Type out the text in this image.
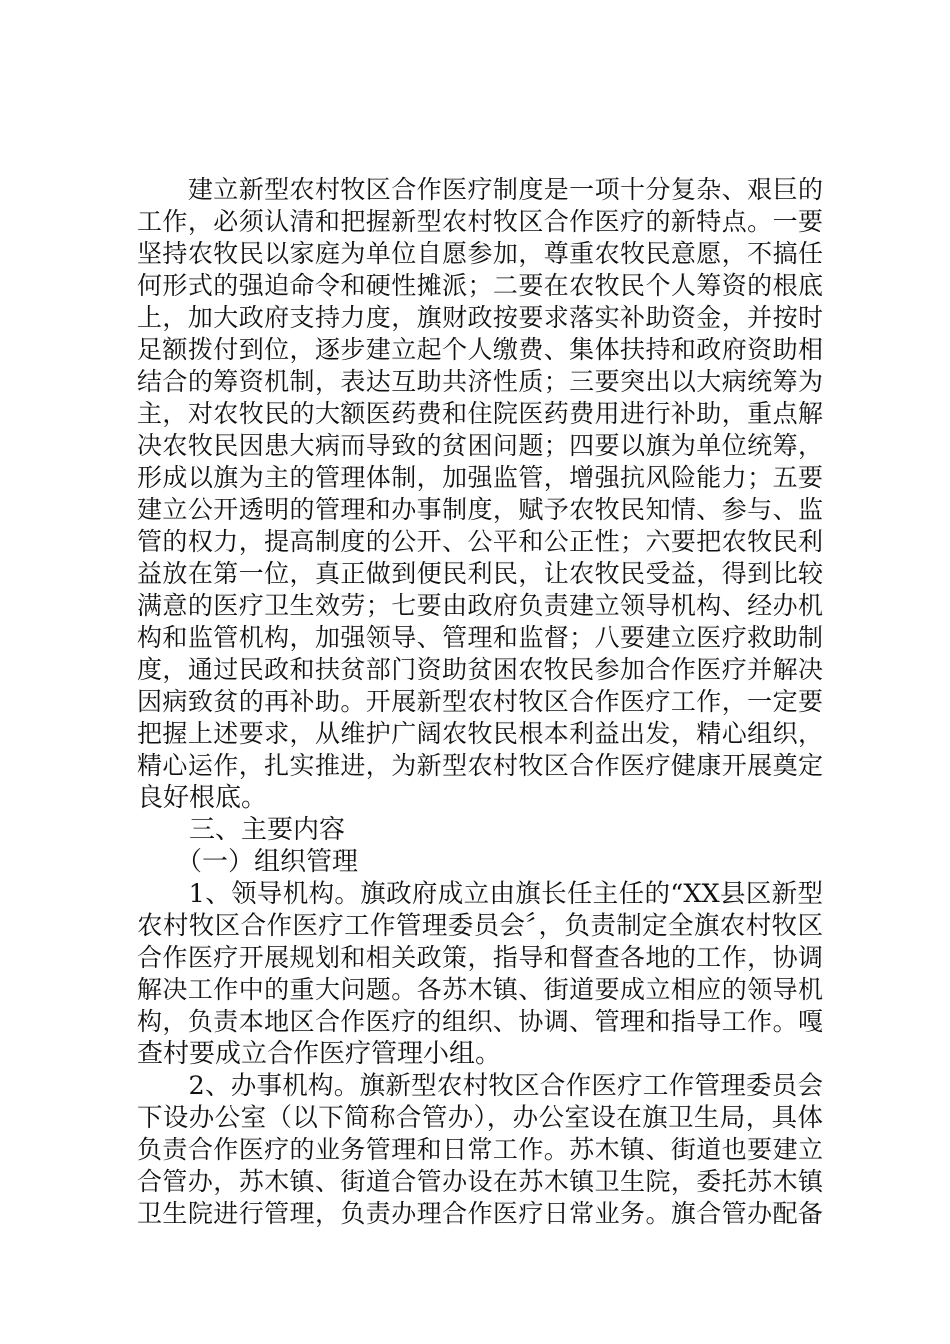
　　建立新型农村牧区合作医疗制度是一项十分复杂、艰巨的
工作，必须认清和把握新型农村牧区合作医疗的新特点。一要
坚持农牧民以家庭为单位自愿参加，尊重农牧民意愿，不搞任
何形式的强迫命令和硬性摊派；二要在农牧民个人筹资的根底
上，加大政府支持力度，旗财政按要求落实补助资金，并按时
足额拨付到位，逐步建立起个人缴费、集体扶持和政府资助相
结合的筹资机制，表达互助共济性质；三要突出以大病统筹为
主，对农牧民的大额医药费和住院医药费用进行补助，重点解
决农牧民因患大病而导致的贫困问题；四要以旗为单位统筹，
形成以旗为主的管理体制，加强监管，增强抗风险能力；五要
建立公开透明的管理和办事制度，赋予农牧民知情、参与、监
管的权力，提高制度的公开、公平和公正性；六要把农牧民利
益放在第一位，真正做到便民利民，让农牧民受益，得到比较
满意的医疗卫生效劳；七要由政府负责建立领导机构、经办机
构和监管机构，加强领导、管理和监督；八要建立医疗救助制
度，通过民政和扶贫部门资助贫困农牧民参加合作医疗并解决
因病致贫的再补助。开展新型农村牧区合作医疗工作，一定要
把握上述要求，从维护广阔农牧民根本利益出发，精心组织，
精心运作，扎实推进，为新型农村牧区合作医疗健康开展奠定
良好根底。
　　三、主要内容
　　（一）组织管理
　　1、领导机构。旗政府成立由旗长任主任的“XX县区新型
农村牧区合作医疗工作管理委员会〞，负责制定全旗农村牧区
合作医疗开展规划和相关政策，指导和督查各地的工作，协调
解决工作中的重大问题。各苏木镇、街道要成立相应的领导机
构，负责本地区合作医疗的组织、协调、管理和指导工作。嘎
查村要成立合作医疗管理小组。
　　2、办事机构。旗新型农村牧区合作医疗工作管理委员会
下设办公室（以下简称合管办），办公室设在旗卫生局，具体
负责合作医疗的业务管理和日常工作。苏木镇、街道也要建立
合管办，苏木镇、街道合管办设在苏木镇卫生院，委托苏木镇
卫生院进行管理，负责办理合作医疗日常业务。旗合管办配备
